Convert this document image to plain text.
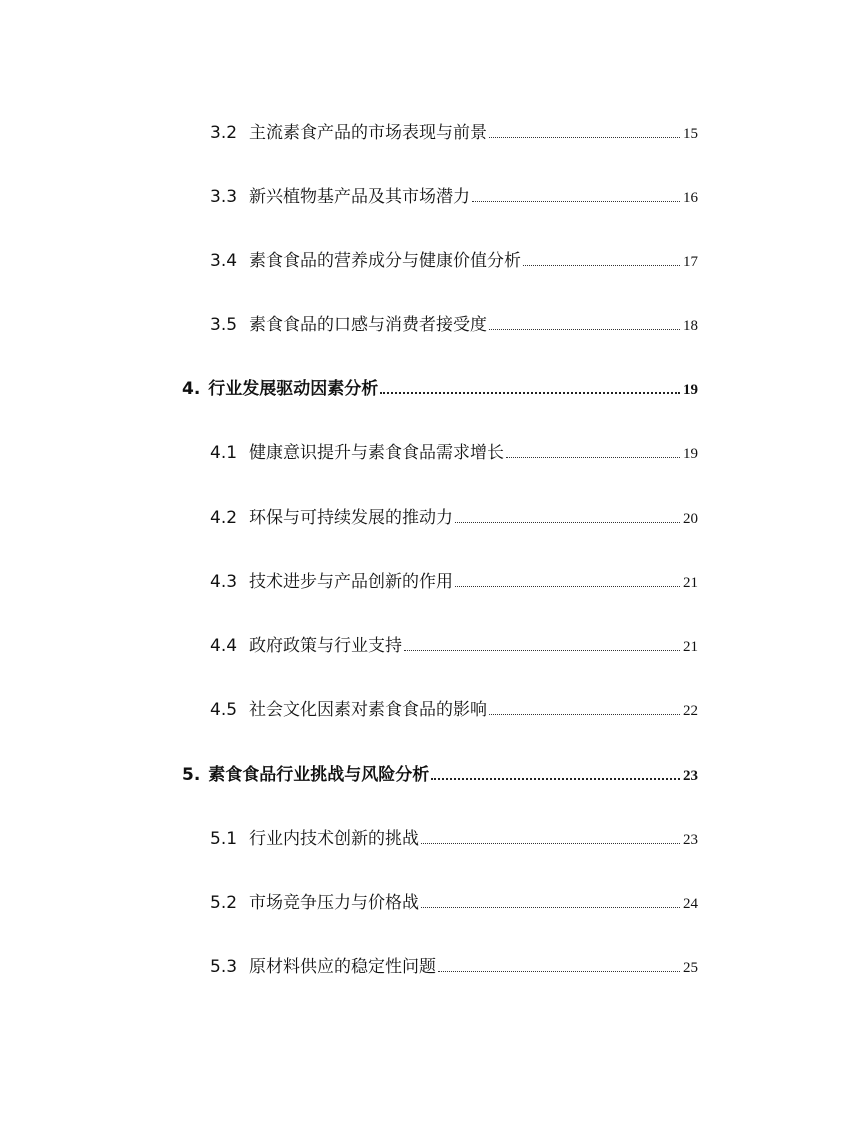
3.2 主流素食产品的市场表现与前景	15
3.3 新兴植物基产品及其市场潜力	16
3.4 素食食品的营养成分与健康价值分析	17
3.5 素食食品的口感与消费者接受度	18
4. 行业发展驱动因素分析	19
4.1 健康意识提升与素食食品需求增长	19
4.2 环保与可持续发展的推动力	20
4.3 技术进步与产品创新的作用	21
4.4 政府政策与行业支持	21
4.5 社会文化因素对素食食品的影响	22
5. 素食食品行业挑战与风险分析	23
5.1 行业内技术创新的挑战	23
5.2 市场竞争压力与价格战	24
5.3 原材料供应的稳定性问题	25
